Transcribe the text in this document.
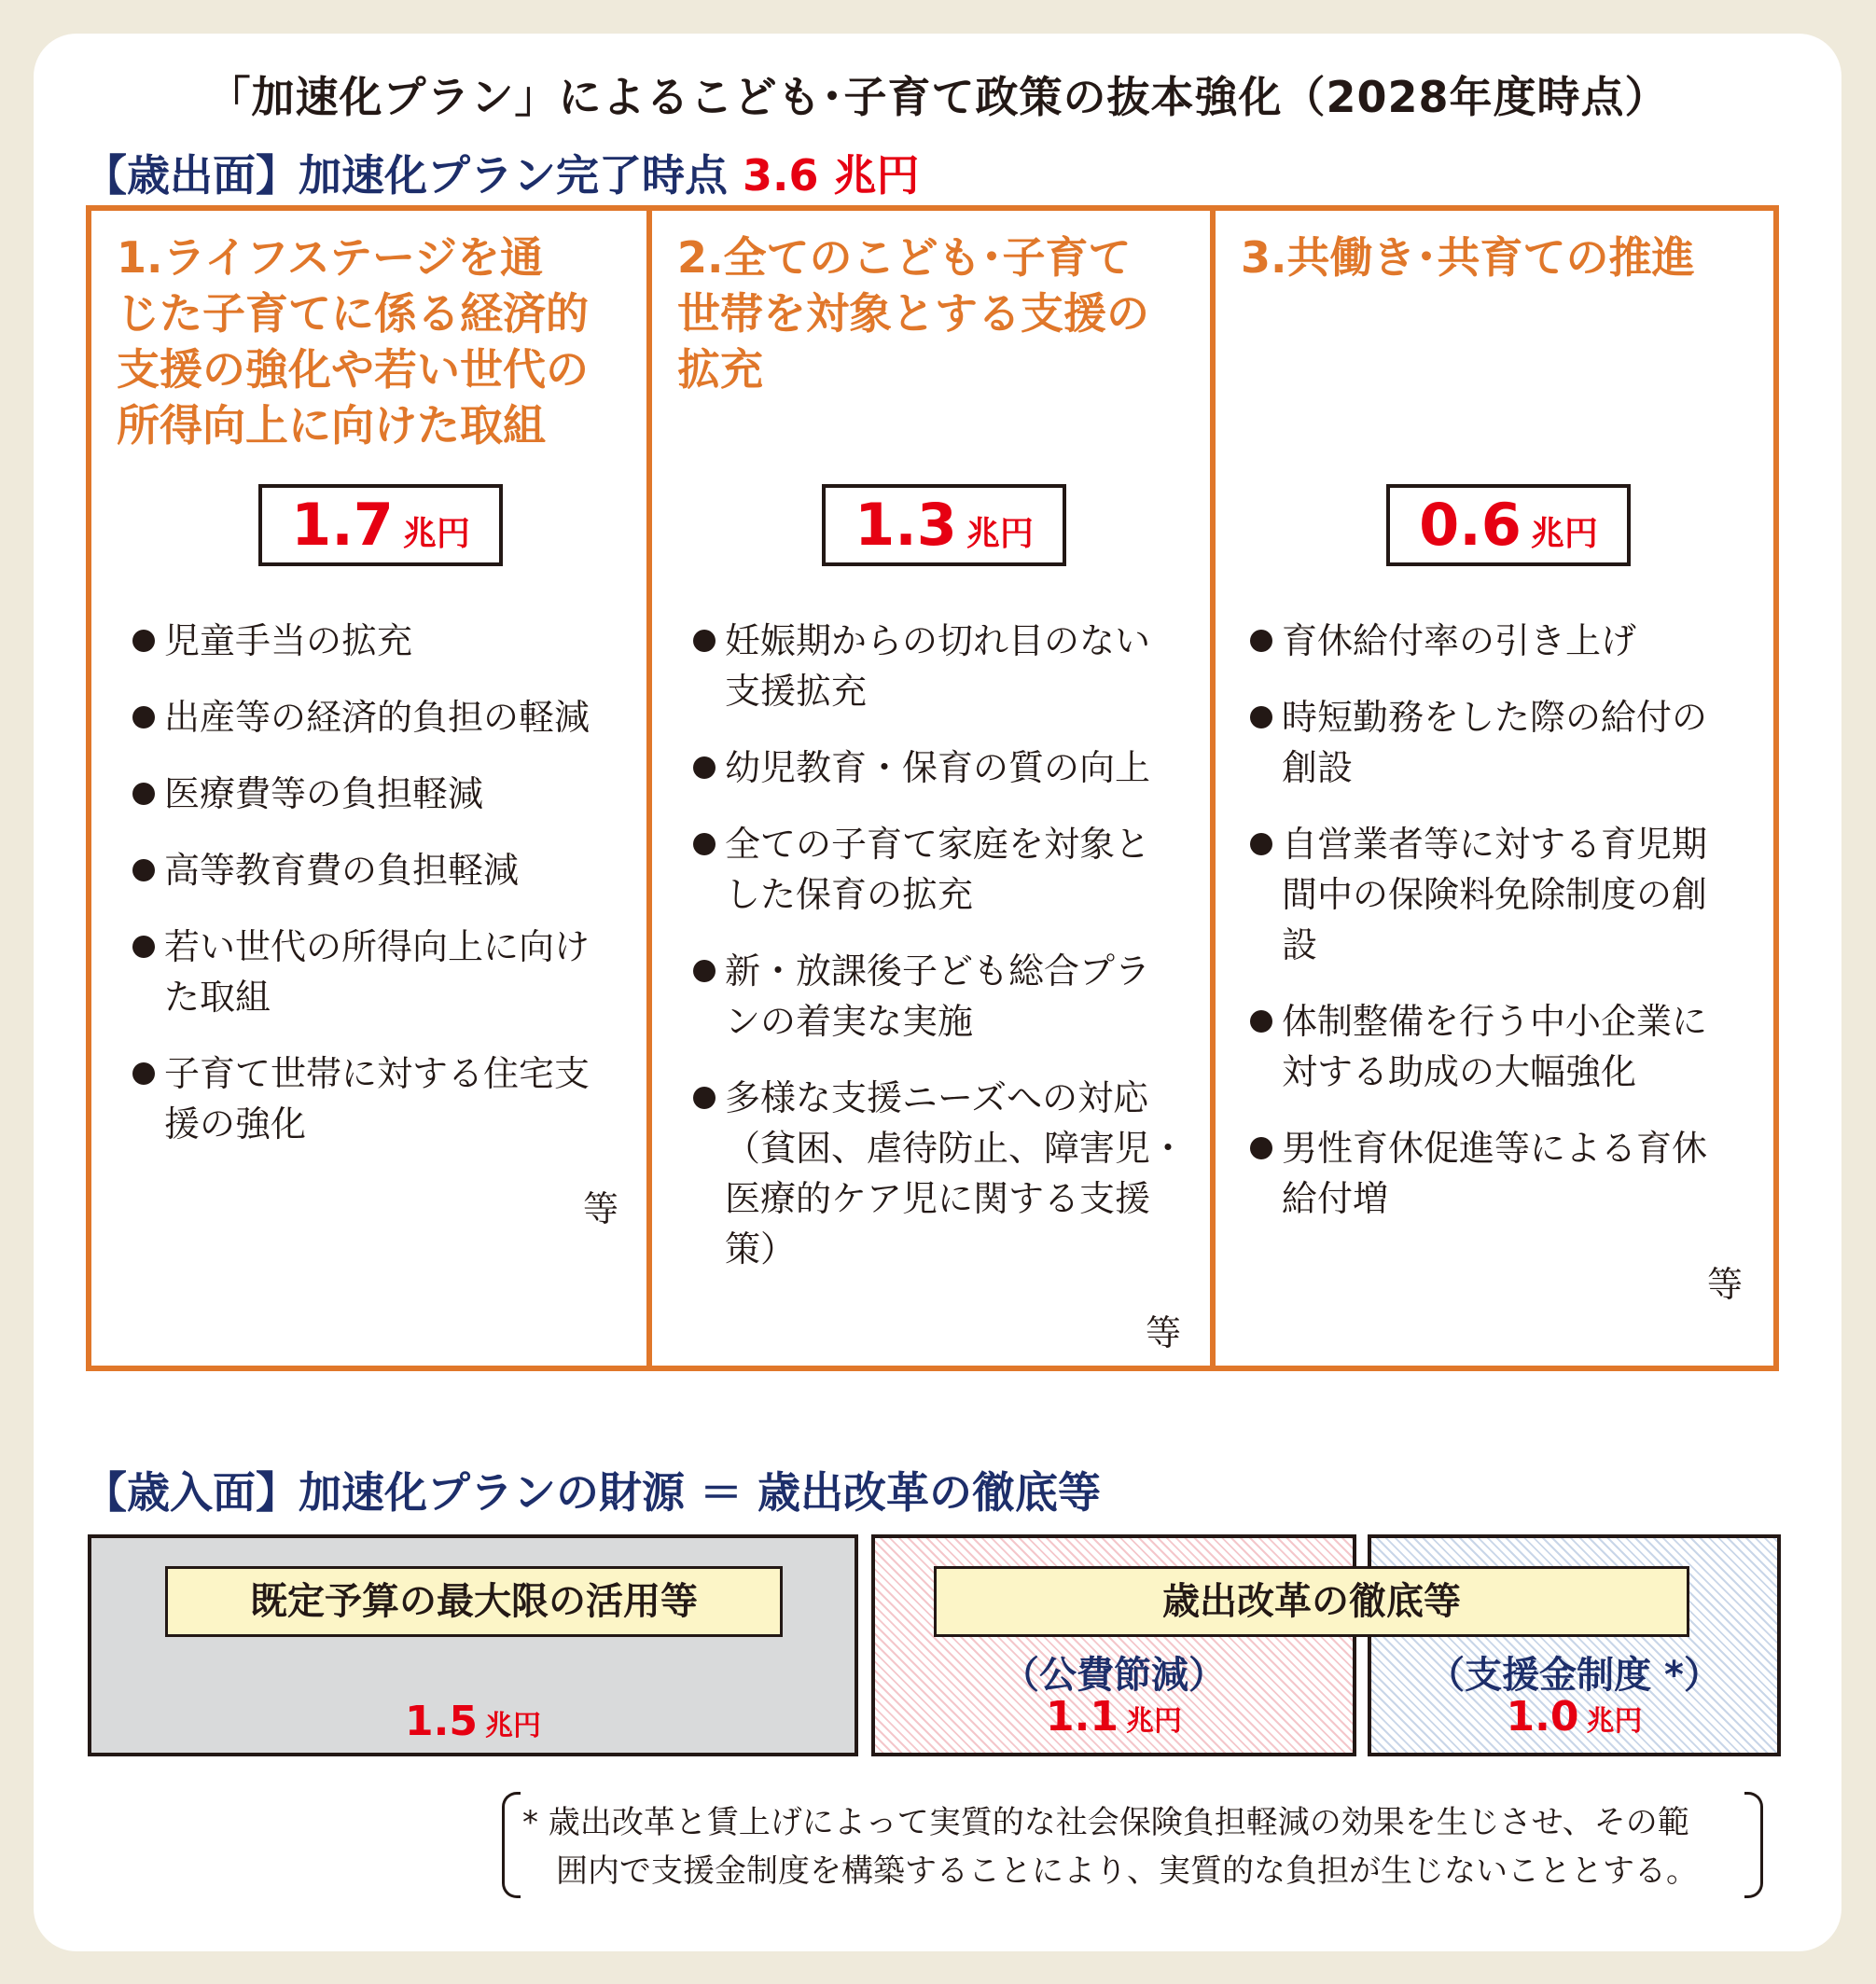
「加速化プラン」によるこども･子育て政策の抜本強化（2028年度時点）
【歳出面】加速化プラン完了時点 3.6 兆円
1.ライフステージを通
じた子育てに係る経済的
支援の強化や若い世代の
所得向上に向けた取組
1.7 兆円
児童手当の拡充
出産等の経済的負担の軽減
医療費等の負担軽減
高等教育費の負担軽減
若い世代の所得向上に向け
た取組
子育て世帯に対する住宅支
援の強化
等
2.全てのこども･子育て
世帯を対象とする支援の
拡充
1.3 兆円
妊娠期からの切れ目のない
支援拡充
幼児教育・保育の質の向上
全ての子育て家庭を対象と
した保育の拡充
新・放課後子ども総合プラ
ンの着実な実施
多様な支援ニーズへの対応
（貧困、虐待防止、障害児・
医療的ケア児に関する支援
策）
等
3.共働き･共育ての推進
0.6 兆円
育休給付率の引き上げ
時短勤務をした際の給付の
創設
自営業者等に対する育児期
間中の保険料免除制度の創
設
体制整備を行う中小企業に
対する助成の大幅強化
男性育休促進等による育休
給付増
等
【歳入面】加速化プランの財源 ＝ 歳出改革の徹底等
既定予算の最大限の活用等
1.5 兆円
歳出改革の徹底等
（公費節減）
1.1 兆円
（支援金制度 *）
1.0 兆円
* 歳出改革と賃上げによって実質的な社会保険負担軽減の効果を生じさせ、その範
囲内で支援金制度を構築することにより、実質的な負担が生じないこととする。
